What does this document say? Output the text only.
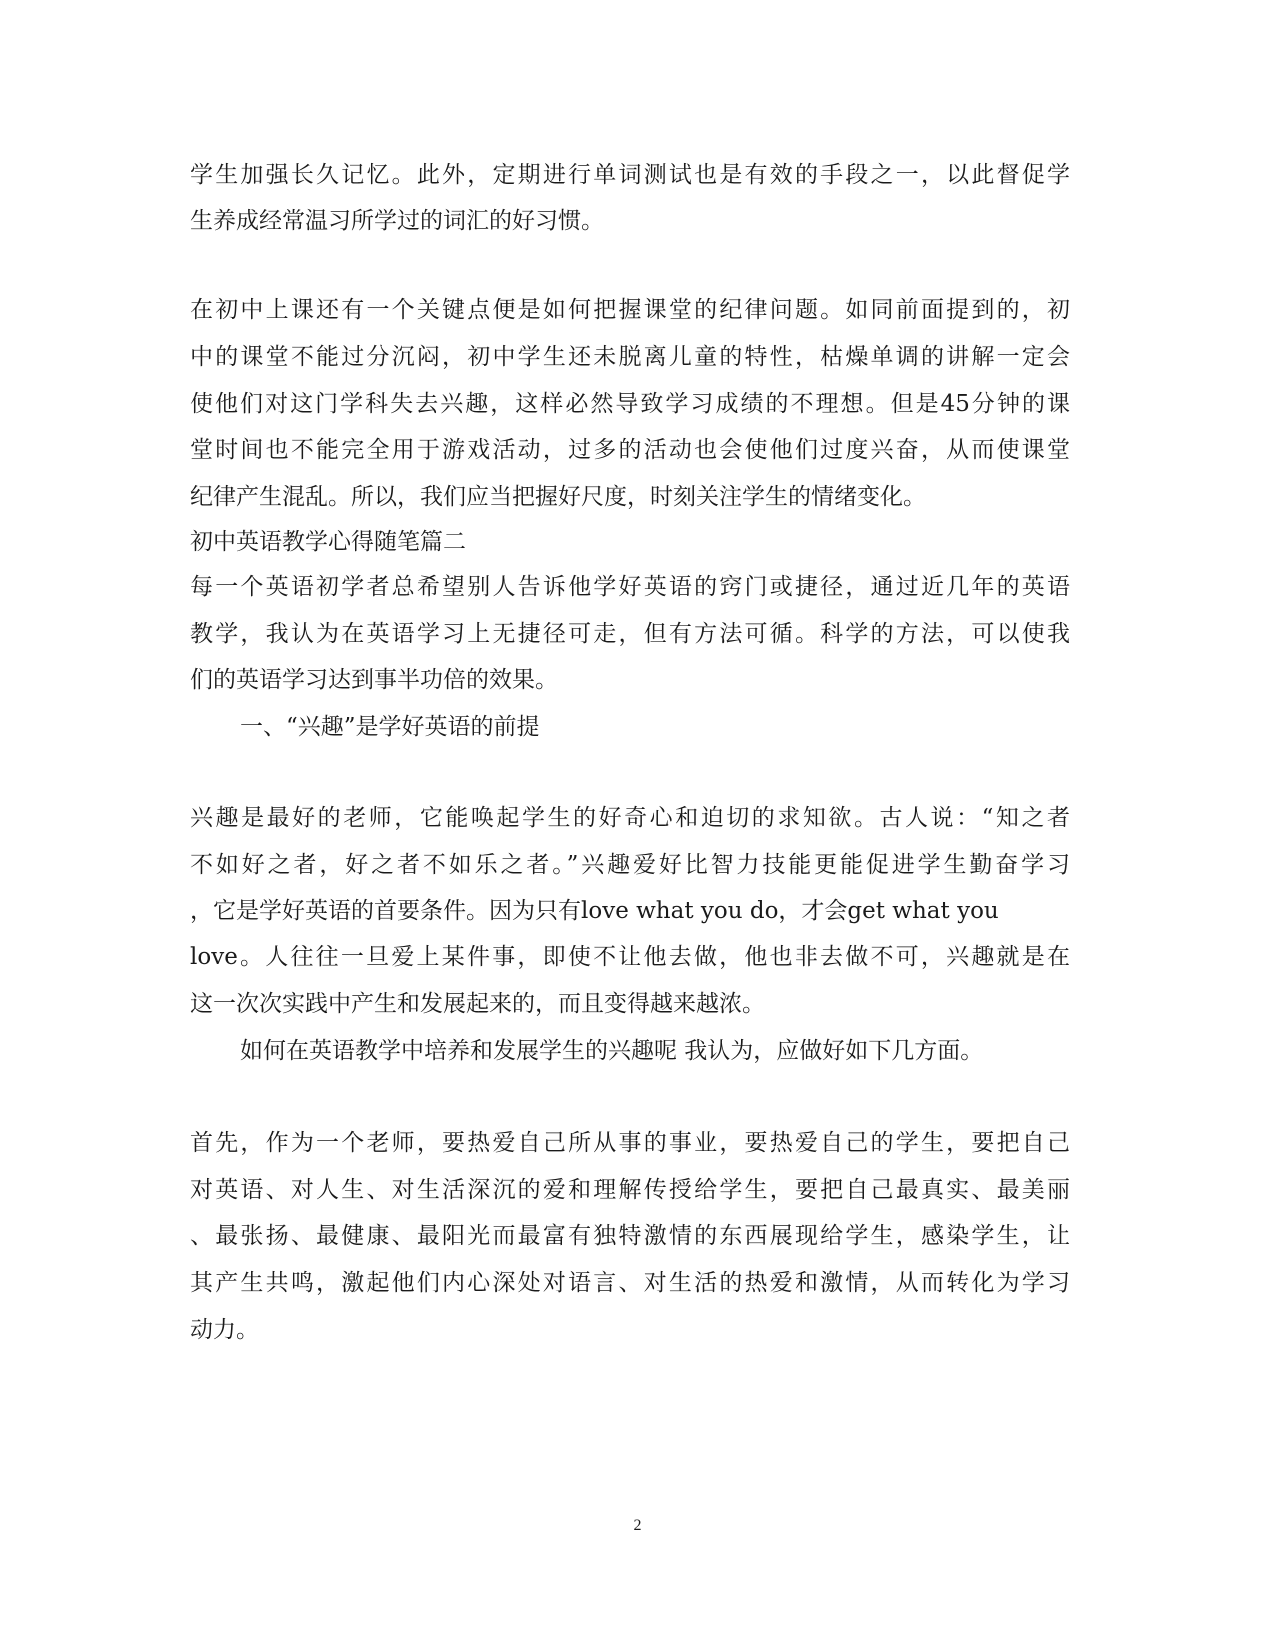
学生加强长久记忆。此外，定期进行单词测试也是有效的手段之一，以此督促学
生养成经常温习所学过的词汇的好习惯。
在初中上课还有一个关键点便是如何把握课堂的纪律问题。如同前面提到的，初
中的课堂不能过分沉闷，初中学生还未脱离儿童的特性，枯燥单调的讲解一定会
使他们对这门学科失去兴趣，这样必然导致学习成绩的不理想。但是45分钟的课
堂时间也不能完全用于游戏活动，过多的活动也会使他们过度兴奋，从而使课堂
纪律产生混乱。所以，我们应当把握好尺度，时刻关注学生的情绪变化。
初中英语教学心得随笔篇二
每一个英语初学者总希望别人告诉他学好英语的窍门或捷径，通过近几年的英语
教学，我认为在英语学习上无捷径可走，但有方法可循。科学的方法，可以使我
们的英语学习达到事半功倍的效果。
一、“兴趣”是学好英语的前提
兴趣是最好的老师，它能唤起学生的好奇心和迫切的求知欲。古人说：“知之者
不如好之者，好之者不如乐之者。”兴趣爱好比智力技能更能促进学生勤奋学习
，它是学好英语的首要条件。因为只有love what you do，才会get what you
love。人往往一旦爱上某件事，即使不让他去做，他也非去做不可，兴趣就是在
这一次次实践中产生和发展起来的，而且变得越来越浓。
如何在英语教学中培养和发展学生的兴趣呢 我认为，应做好如下几方面。
首先，作为一个老师，要热爱自己所从事的事业，要热爱自己的学生，要把自己
对英语、对人生、对生活深沉的爱和理解传授给学生，要把自己最真实、最美丽
、最张扬、最健康、最阳光而最富有独特激情的东西展现给学生，感染学生，让
其产生共鸣，激起他们内心深处对语言、对生活的热爱和激情，从而转化为学习
动力。
2
